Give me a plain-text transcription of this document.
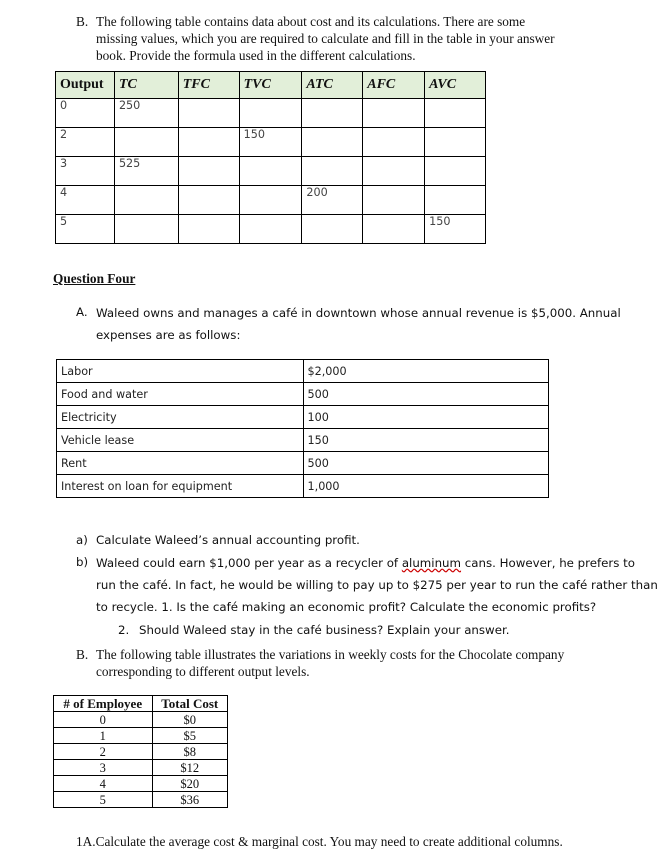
B. The following table contains data about cost and its calculations. There are some
missing values, which you are required to calculate and fill in the table in your answer
book. Provide the formula used in the different calculations.
Output	TC	TFC	TVC	ATC	AFC	AVC
0	250					
2			150			
3	525					
4				200		
5						150
Question Four
A. Waleed owns and manages a café in downtown whose annual revenue is $5,000. Annual
expenses are as follows:
Labor	$2,000
Food and water	500
Electricity	100
Vehicle lease	150
Rent	500
Interest on loan for equipment	1,000
a) Calculate Waleed’s annual accounting profit.
b) Waleed could earn $1,000 per year as a recycler of aluminum cans. However, he prefers to
run the café. In fact, he would be willing to pay up to $275 per year to run the café rather than
to recycle. 1. Is the café making an economic profit? Calculate the economic profits?
2. Should Waleed stay in the café business? Explain your answer.
B. The following table illustrates the variations in weekly costs for the Chocolate company
corresponding to different output levels.
# of Employee	Total Cost
0	$0
1	$5
2	$8
3	$12
4	$20
5	$36
1A.Calculate the average cost & marginal cost. You may need to create additional columns.
